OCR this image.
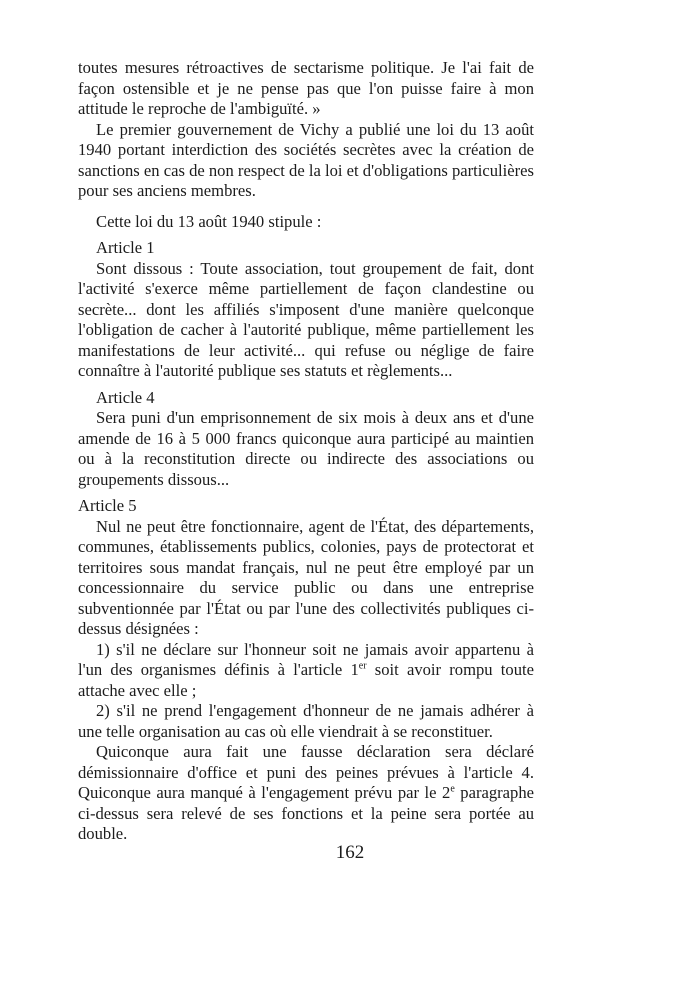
toutes mesures rétroactives de sectarisme politique. Je l'ai fait de façon ostensible et je ne pense pas que l'on puisse faire à mon attitude le reproche de l'ambiguïté. »

Le premier gouvernement de Vichy a publié une loi du 13 août 1940 portant interdiction des sociétés secrètes avec la création de sanctions en cas de non respect de la loi et d'obligations particulières pour ses anciens membres.

Cette loi du 13 août 1940 stipule :

Article 1

Sont dissous : Toute association, tout groupement de fait, dont l'activité s'exerce même partiellement de façon clandestine ou secrète... dont les affiliés s'imposent d'une manière quelconque l'obligation de cacher à l'autorité publique, même partiellement les manifestations de leur activité... qui refuse ou néglige de faire connaître à l'autorité publique ses statuts et règlements...

Article 4

Sera puni d'un emprisonnement de six mois à deux ans et d'une amende de 16 à 5 000 francs quiconque aura participé au maintien ou à la reconstitution directe ou indirecte des associations ou groupements dissous...

Article 5

Nul ne peut être fonctionnaire, agent de l'État, des départements, communes, établissements publics, colonies, pays de protectorat et territoires sous mandat français, nul ne peut être employé par un concessionnaire du service public ou dans une entreprise subventionnée par l'État ou par l'une des collectivités publiques ci-dessus désignées :

1) s'il ne déclare sur l'honneur soit ne jamais avoir appartenu à l'un des organismes définis à l'article 1er soit avoir rompu toute attache avec elle ;

2) s'il ne prend l'engagement d'honneur de ne jamais adhérer à une telle organisation au cas où elle viendrait à se reconstituer.

Quiconque aura fait une fausse déclaration sera déclaré démissionnaire d'office et puni des peines prévues à l'article 4. Quiconque aura manqué à l'engagement prévu par le 2e paragraphe ci-dessus sera relevé de ses fonctions et la peine sera portée au double.

162
